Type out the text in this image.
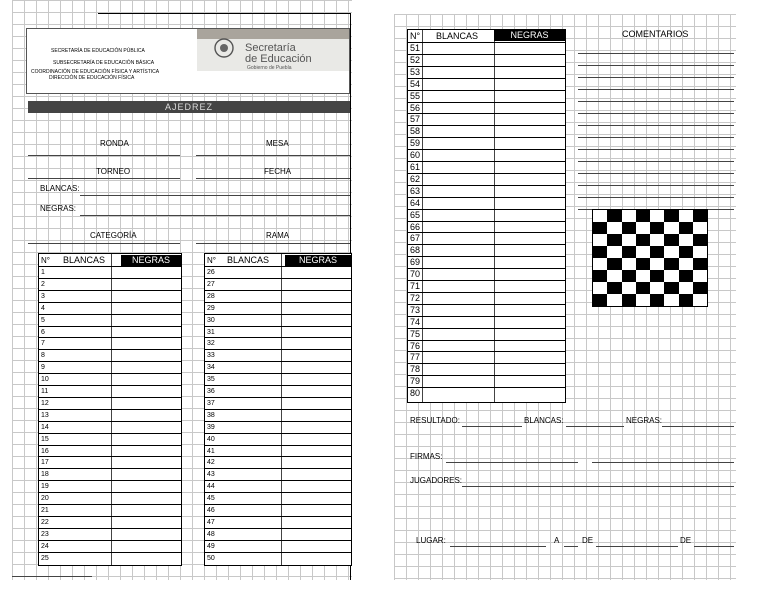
SECRETARÍA DE EDUCACIÓN PÚBLICA
SUBSECRETARÍA DE EDUCACIÓN BÁSICA
COORDINACIÓN DE EDUCACIÓN FÍSICA Y ARTÍSTICA
DIRECCIÓN DE EDUCACIÓN FÍSICA
Secretaría
de Educación
Gobierno de Puebla
AJEDREZ
RONDA	MESA
TORNEO	FECHA
BLANCAS:
NEGRAS:
CATEGORÍA	RAMA
N° BLANCAS	NEGRAS
1
2
3
4
5
6
7
8
9
10
11
12
13
14
15
16
17
18
19
20
21
22
23
24
25
N° BLANCAS	NEGRAS
26
27
28
29
30
31
32
33
34
35
36
37
38
39
40
41
42
43
44
45
46
47
48
49
50
N° BLANCAS	NEGRAS
51
52
53
54
55
56
57
58
59
60
61
62
63
64
65
66
67
68
69
70
71
72
73
74
75
76
77
78
79
80
COMENTARIOS
RESULTADO:	BLANCAS:	NEGRAS:
FIRMAS:
JUGADORES:
LUGAR:	A	DE	DE
